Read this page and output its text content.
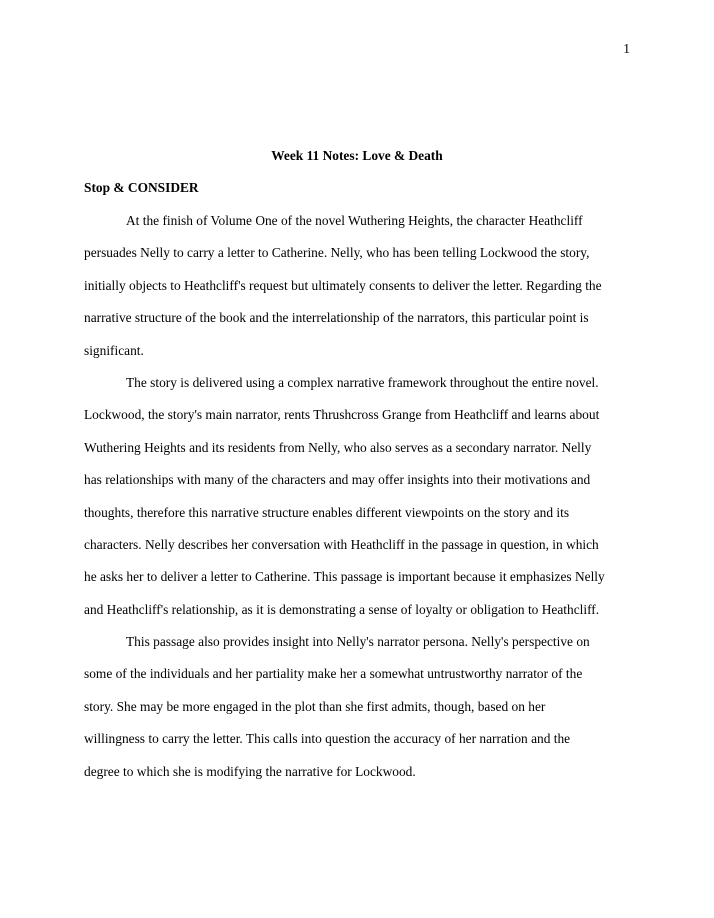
1
Week 11 Notes: Love & Death
Stop & CONSIDER
At the finish of Volume One of the novel Wuthering Heights, the character Heathcliff
persuades Nelly to carry a letter to Catherine. Nelly, who has been telling Lockwood the story,
initially objects to Heathcliff's request but ultimately consents to deliver the letter. Regarding the
narrative structure of the book and the interrelationship of the narrators, this particular point is
significant.
The story is delivered using a complex narrative framework throughout the entire novel.
Lockwood, the story's main narrator, rents Thrushcross Grange from Heathcliff and learns about
Wuthering Heights and its residents from Nelly, who also serves as a secondary narrator. Nelly
has relationships with many of the characters and may offer insights into their motivations and
thoughts, therefore this narrative structure enables different viewpoints on the story and its
characters. Nelly describes her conversation with Heathcliff in the passage in question, in which
he asks her to deliver a letter to Catherine. This passage is important because it emphasizes Nelly
and Heathcliff's relationship, as it is demonstrating a sense of loyalty or obligation to Heathcliff.
This passage also provides insight into Nelly's narrator persona. Nelly's perspective on
some of the individuals and her partiality make her a somewhat untrustworthy narrator of the
story. She may be more engaged in the plot than she first admits, though, based on her
willingness to carry the letter. This calls into question the accuracy of her narration and the
degree to which she is modifying the narrative for Lockwood.
